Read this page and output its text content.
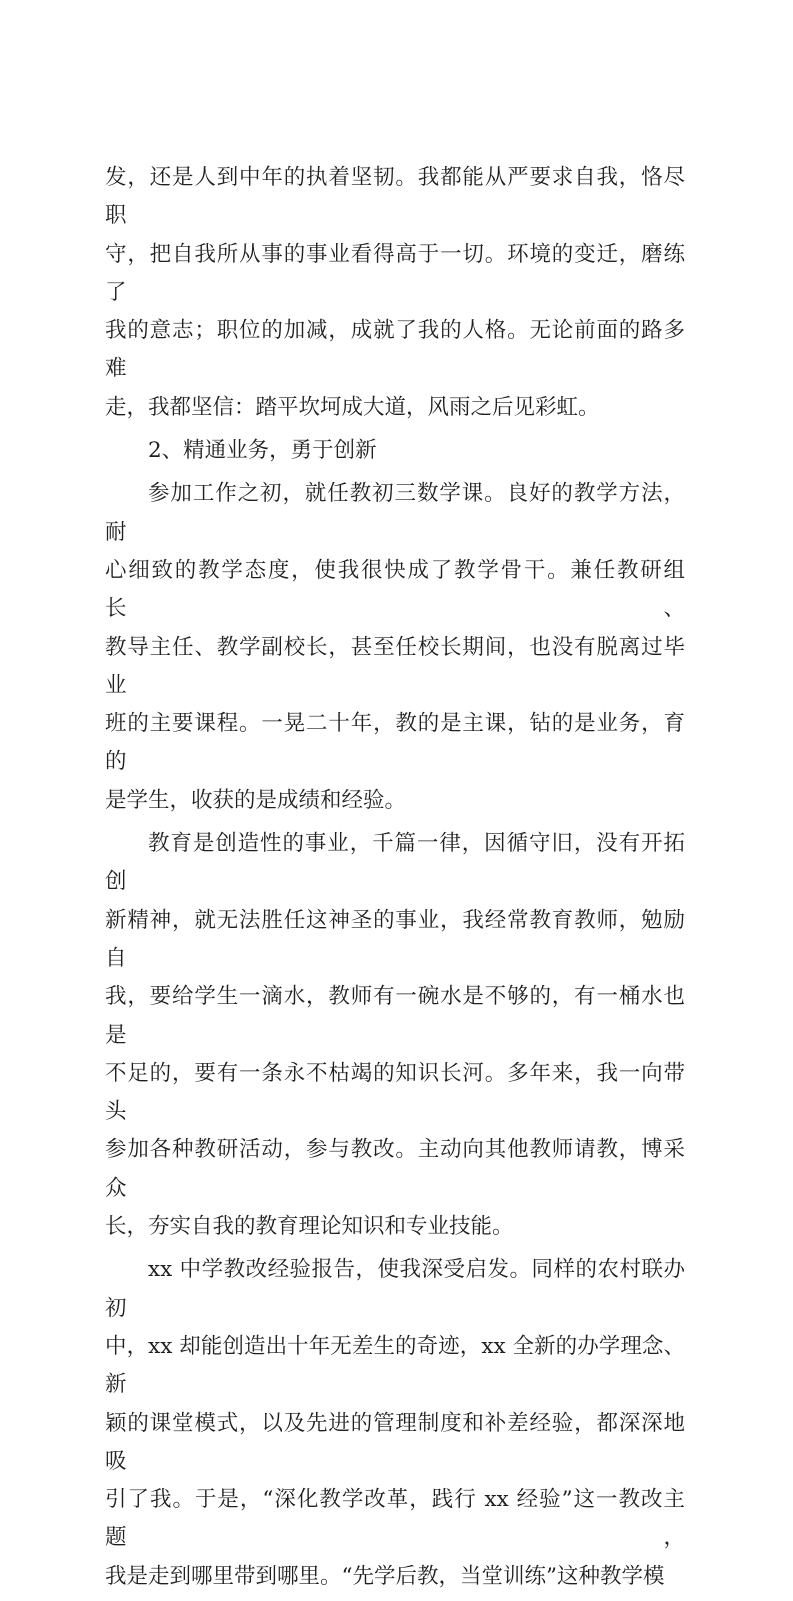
发，还是人到中年的执着坚韧。我都能从严要求自我，恪尽职
守，把自我所从事的事业看得高于一切。环境的变迁，磨练了
我的意志；职位的加减，成就了我的人格。无论前面的路多难
走，我都坚信：踏平坎坷成大道，风雨之后见彩虹。
2、精通业务，勇于创新
参加工作之初，就任教初三数学课。良好的教学方法，耐
心细致的教学态度，使我很快成了教学骨干。兼任教研组长、
教导主任、教学副校长，甚至任校长期间，也没有脱离过毕业
班的主要课程。一晃二十年，教的是主课，钻的是业务，育的
是学生，收获的是成绩和经验。
教育是创造性的事业，千篇一律，因循守旧，没有开拓创
新精神，就无法胜任这神圣的事业，我经常教育教师，勉励自
我，要给学生一滴水，教师有一碗水是不够的，有一桶水也是
不足的，要有一条永不枯竭的知识长河。多年来，我一向带头
参加各种教研活动，参与教改。主动向其他教师请教，博采众
长，夯实自我的教育理论知识和专业技能。
xx 中学教改经验报告，使我深受启发。同样的农村联办初
中，xx 却能创造出十年无差生的奇迹，xx 全新的办学理念、新
颖的课堂模式，以及先进的管理制度和补差经验，都深深地吸
引了我。于是，“深化教学改革，践行 xx 经验”这一教改主题，
我是走到哪里带到哪里。“先学后教，当堂训练”这种教学模
